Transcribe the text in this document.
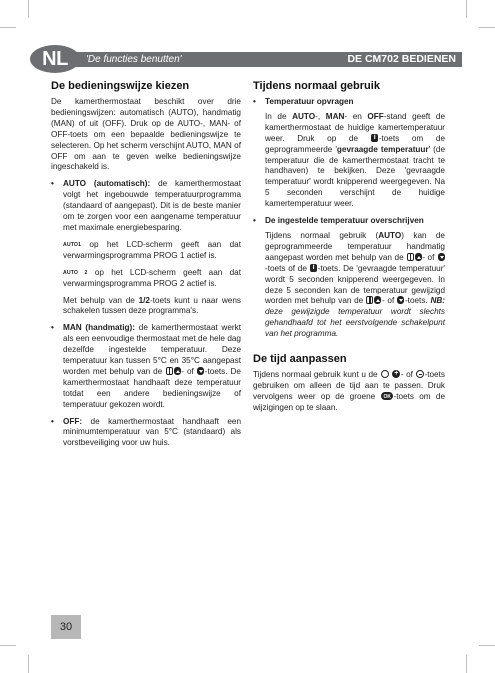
NL	'De functies benutten'	DE CM702 BEDIENEN
De bedieningswijze kiezen

De kamerthermostaat beschikt over drie bedieningswijzen: automatisch (AUTO), handmatig (MAN) of uit (OFF). Druk op de AUTO-, MAN- of OFF-toets om een bepaalde bedieningswijze te selecteren. Op het scherm verschijnt AUTO, MAN of OFF om aan te geven welke bedieningswijze ingeschakeld is.

• AUTO (automatisch): de kamerthermostaat volgt het ingebouwde temperatuurprogramma (standaard of aangepast). Dit is de beste manier om te zorgen voor een aangename temperatuur met maximale energiebesparing.

AUTO1 op het LCD-scherm geeft aan dat verwarmingsprogramma PROG 1 actief is.

AUTO 2 op het LCD-scherm geeft aan dat verwarmingsprogramma PROG 2 actief is.

Met behulp van de 1/2-toets kunt u naar wens schakelen tussen deze programma's.

• MAN (handmatig): de kamerthermostaat werkt als een eenvoudige thermostaat met de hele dag dezelfde ingestelde temperatuur. Deze temperatuur kan tussen 5°C en 35°C aangepast worden met behulp van de - of -toets. De kamerthermostaat handhaaft deze temperatuur totdat een andere bedieningswijze of temperatuur gekozen wordt.
• OFF: de kamerthermostaat handhaaft een minimumtemperatuur van 5°C (standaard) als vorstbeveiliging voor uw huis.
Tijdens normaal gebruik
• Temperatuur opvragen

In de AUTO-, MAN- en OFF-stand geeft de kamerthermostaat de huidige kamertemperatuur weer. Druk op de i	-toets om de geprogrammeerde 'gevraagde temperatuur' (de temperatuur die de kamerthermostaat tracht te handhaven) te bekijken. Deze 'gevraagde temperatuur' wordt knipperend weergegeven. Na 5 seconden verschijnt de huidige kamertemperatuur weer.

• De ingestelde temperatuur overschrijven

Tijdens normaal gebruik (AUTO) kan de geprogrammeerde temperatuur handmatig aangepast worden met behulp van de - of -toets of de i -toets. De 'gevraagde temperatuur' wordt 5 seconden knipperend weergegeven. In deze 5 seconden kan de temperatuur gewijzigd worden met behulp van de - of -toets. NB: deze gewijzigde temperatuur wordt slechts gehandhaafd tot het eerstvolgende schakelpunt van het programma.

De tijd aanpassen

Tijdens normaal gebruik kunt u de +	- of -toets gebruiken om alleen de tijd aan te passen. Druk vervolgens weer op de groene OK -toets om de wijzigingen op te slaan.

30
